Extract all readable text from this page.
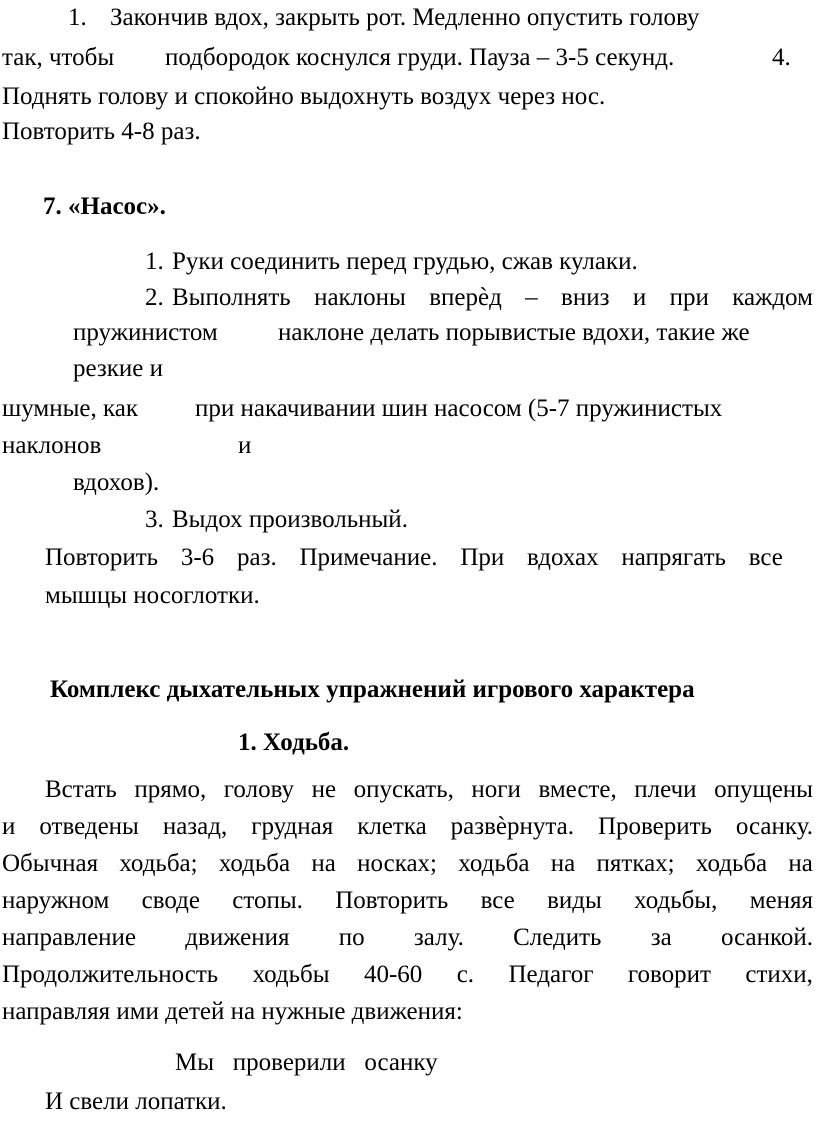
1. Закончив вдох, закрыть рот. Медленно опустить голову
так, чтобы подбородок коснулся груди. Пауза – 3-5 секунд.	4.
Поднять голову и спокойно выдохнуть воздух через нос.
Повторить 4-8 раз.
7. «Насос».
1. Руки соединить перед грудью, сжав кулаки.
2. Выполнять наклоны вперѐд – вниз и при каждом
пружинистом наклоне делать порывистые вдохи, такие же
резкие и
шумные, как при накачивании шин насосом (5-7 пружинистых
наклонов	и
вдохов).
3. Выдох произвольный.
Повторить 3-6 раз. Примечание. При вдохах напрягать все
мышцы носоглотки.
Комплекс дыхательных упражнений игрового характера
1. Ходьба.
Встать прямо, голову не опускать, ноги вместе, плечи опущены
и отведены назад, грудная клетка развѐрнута. Проверить осанку.
Обычная ходьба; ходьба на носках; ходьба на пятках; ходьба на
наружном своде стопы. Повторить все виды ходьбы, меняя
направление движения по залу. Следить за осанкой.
Продолжительность ходьбы 40-60 с. Педагог говорит стихи,
направляя ими детей на нужные движения:
Мы   проверили   осанку
И свели лопатки.
